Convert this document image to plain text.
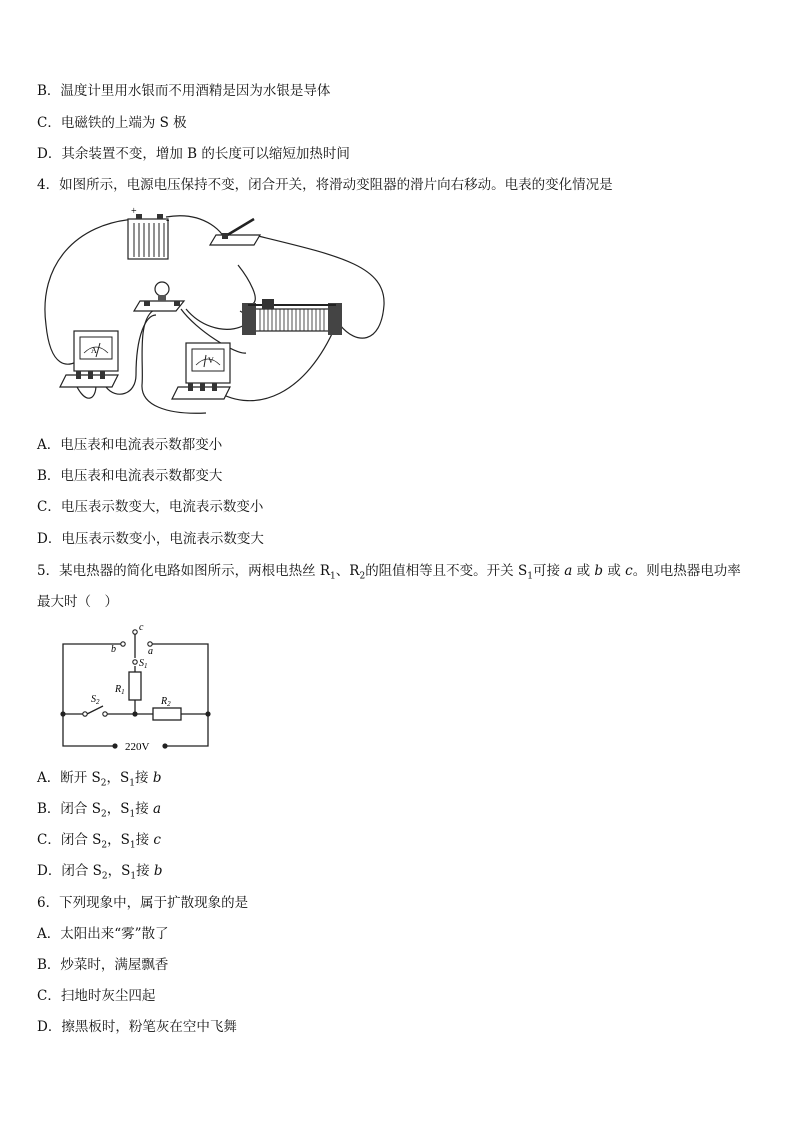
B．温度计里用水银而不用酒精是因为水银是导体
C．电磁铁的上端为 S 极
D．其余装置不变，增加 B 的长度可以缩短加热时间
4．如图所示，电源电压保持不变，闭合开关，将滑动变阻器的滑片向右移动。电表的变化情况是
+
-
A
V
A．电压表和电流表示数都变小
B．电压表和电流表示数都变大
C．电压表示数变大，电流表示数变小
D．电压表示数变小，电流表示数变大
5．某电热器的简化电路如图所示，两根电热丝 $R_1$、$R_2$的阻值相等且不变。开关 $S_1$可接 a 或 b 或 c。则电热器电功率
最大时（　）
c
b	a
$S_1$
$R_1$
$S_2$	$R_2$
220V
A．断开 $S_2$，$S_1$接 b
B．闭合 $S_2$，$S_1$接 a
C．闭合 $S_2$，$S_1$接 c
D．闭合 $S_2$，$S_1$接 b
6．下列现象中，属于扩散现象的是
A．太阳出来“雾”散了
B．炒菜时，满屋飘香
C．扫地时灰尘四起
D．擦黑板时，粉笔灰在空中飞舞
